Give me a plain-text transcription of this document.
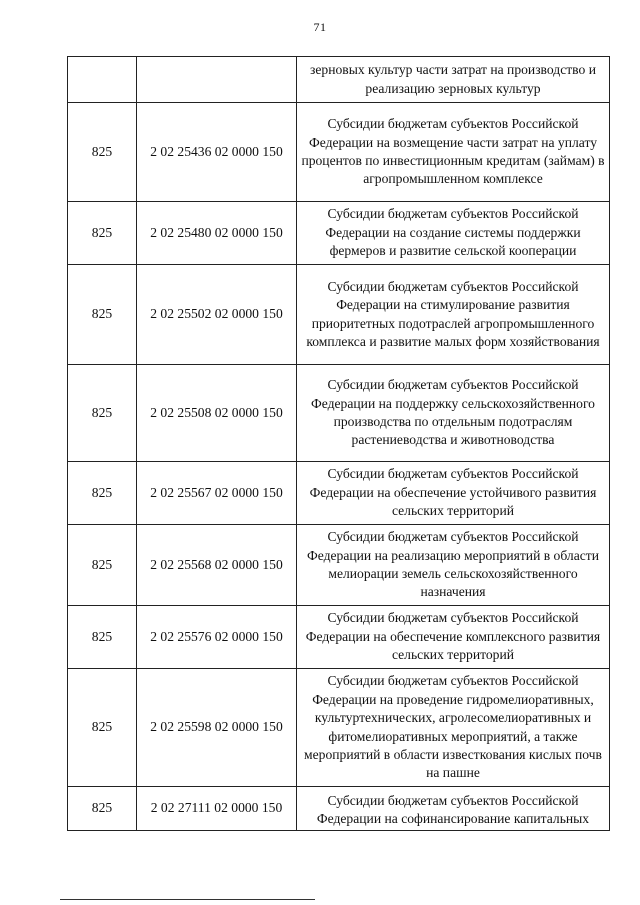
71
		зерновых культур части затрат на производство и реализацию зерновых культур
825	2 02 25436 02 0000 150	Субсидии бюджетам субъектов Российской Федерации на возмещение части затрат на уплату процентов по инвестиционным кредитам (займам) в агропромышленном комплексе
825	2 02 25480 02 0000 150	Субсидии бюджетам субъектов Российской Федерации на создание системы поддержки фермеров и развитие сельской кооперации
825	2 02 25502 02 0000 150	Субсидии бюджетам субъектов Российской Федерации на стимулирование развития приоритетных подотраслей агропромышленного комплекса и развитие малых форм хозяйствования
825	2 02 25508 02 0000 150	Субсидии бюджетам субъектов Российской Федерации на поддержку сельскохозяйственного производства по отдельным подотраслям растениеводства и животноводства
825	2 02 25567 02 0000 150	Субсидии бюджетам субъектов Российской Федерации на обеспечение устойчивого развития сельских территорий
825	2 02 25568 02 0000 150	Субсидии бюджетам субъектов Российской Федерации на реализацию мероприятий в области мелиорации земель сельскохозяйственного назначения
825	2 02 25576 02 0000 150	Субсидии бюджетам субъектов Российской Федерации на обеспечение комплексного развития сельских территорий
825	2 02 25598 02 0000 150	Субсидии бюджетам субъектов Российской Федерации на проведение гидромелиоративных, культуртехнических, агролесомелиоративных и фитомелиоративных мероприятий, а также мероприятий в области известкования кислых почв на пашне
825	2 02 27111 02 0000 150	Субсидии бюджетам субъектов Российской Федерации на софинансирование капитальных
